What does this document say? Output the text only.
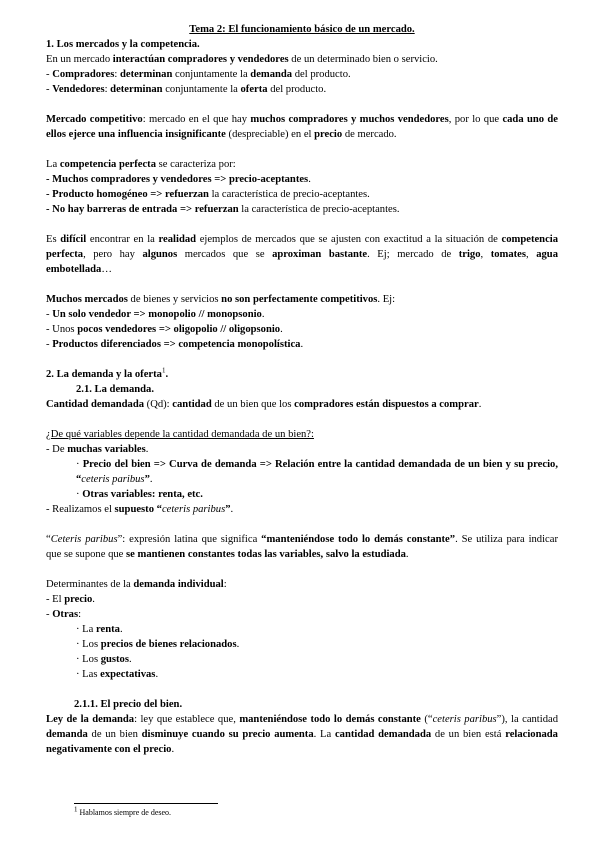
Tema 2: El funcionamiento básico de un mercado.

1. Los mercados y la competencia.

En un mercado interactúan compradores y vendedores de un determinado bien o servicio.

- Compradores: determinan conjuntamente la demanda del producto.

- Vendedores: determinan conjuntamente la oferta del producto.

Mercado competitivo: mercado en el que hay muchos compradores y muchos vendedores, por lo que cada uno de ellos ejerce una influencia insignificante (despreciable) en el precio de mercado.

La competencia perfecta se caracteriza por:

- Muchos compradores y vendedores => precio-aceptantes.

- Producto homogéneo => refuerzan la característica de precio-aceptantes.

- No hay barreras de entrada => refuerzan la característica de precio-aceptantes.

Es difícil encontrar en la realidad ejemplos de mercados que se ajusten con exactitud a la situación de competencia perfecta, pero hay algunos mercados que se aproximan bastante. Ej; mercado de trigo, tomates, agua embotellada…

Muchos mercados de bienes y servicios no son perfectamente competitivos. Ej:

- Un solo vendedor => monopolio // monopsonio.

- Unos pocos vendedores => oligopolio // oligopsonio.

- Productos diferenciados => competencia monopolística.

2. La demanda y la oferta$^1$.

2.1. La demanda.

Cantidad demandada (Qd): cantidad de un bien que los compradores están dispuestos a comprar.

¿De qué variables depende la cantidad demandada de un bien?:

- De muchas variables.

· Precio del bien => Curva de demanda => Relación entre la cantidad demandada de un bien y su precio, “ceteris paribus”.

· Otras variables: renta, etc.

- Realizamos el supuesto “ceteris paribus”.

“Ceteris paribus”: expresión latina que significa “manteniéndose todo lo demás constante”. Se utiliza para indicar que se supone que se mantienen constantes todas las variables, salvo la estudiada.

Determinantes de la demanda individual:

- El precio.

- Otras:

· La renta.

· Los precios de bienes relacionados.

· Los gustos.

· Las expectativas.

2.1.1. El precio del bien.

Ley de la demanda: ley que establece que, manteniéndose todo lo demás constante (“ceteris paribus”), la cantidad demanda de un bien disminuye cuando su precio aumenta. La cantidad demandada de un bien está relacionada negativamente con el precio.

$^1$ Hablamos siempre de deseo.
